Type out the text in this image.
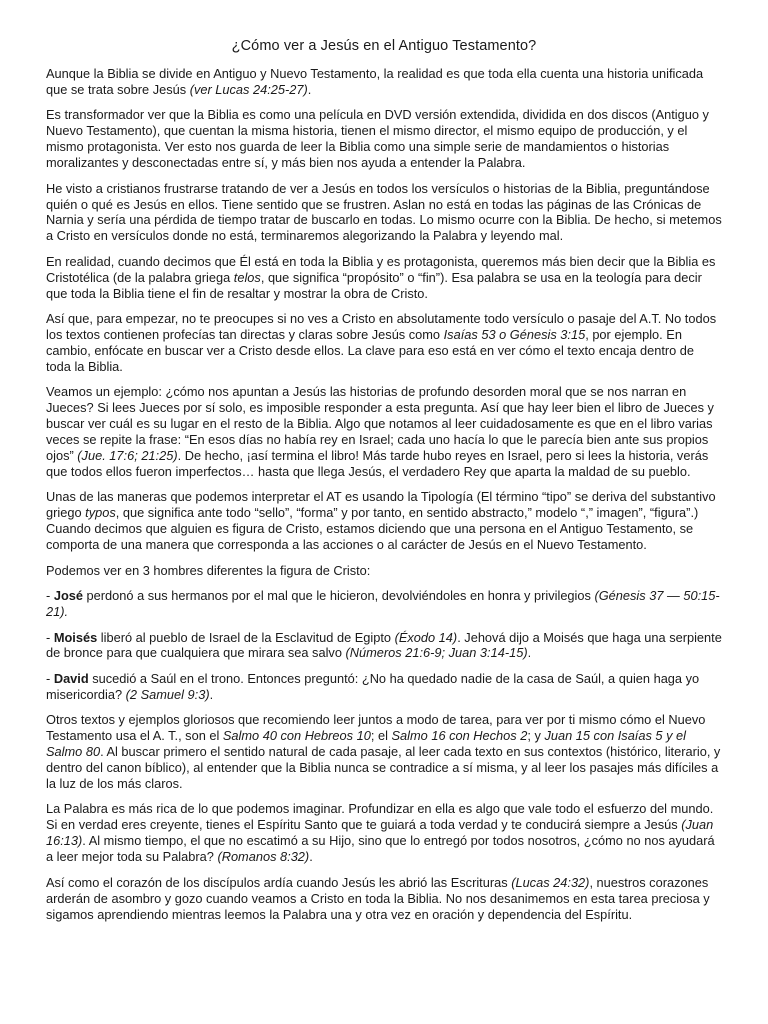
¿Cómo ver a Jesús en el Antiguo Testamento?

Aunque la Biblia se divide en Antiguo y Nuevo Testamento, la realidad es que toda ella cuenta una historia unificada que se trata sobre Jesús (ver Lucas 24:25-27).

Es transformador ver que la Biblia es como una película en DVD versión extendida, dividida en dos discos (Antiguo y Nuevo Testamento), que cuentan la misma historia, tienen el mismo director, el mismo equipo de producción, y el mismo protagonista. Ver esto nos guarda de leer la Biblia como una simple serie de mandamientos o historias moralizantes y desconectadas entre sí, y más bien nos ayuda a entender la Palabra.

He visto a cristianos frustrarse tratando de ver a Jesús en todos los versículos o historias de la Biblia, preguntándose quién o qué es Jesús en ellos. Tiene sentido que se frustren. Aslan no está en todas las páginas de las Crónicas de Narnia y sería una pérdida de tiempo tratar de buscarlo en todas. Lo mismo ocurre con la Biblia. De hecho, si metemos a Cristo en versículos donde no está, terminaremos alegorizando la Palabra y leyendo mal.

En realidad, cuando decimos que Él está en toda la Biblia y es protagonista, queremos más bien decir que la Biblia es Cristotélica (de la palabra griega telos, que significa “propósito” o “fin”). Esa palabra se usa en la teología para decir que toda la Biblia tiene el fin de resaltar y mostrar la obra de Cristo.

Así que, para empezar, no te preocupes si no ves a Cristo en absolutamente todo versículo o pasaje del A.T. No todos los textos contienen profecías tan directas y claras sobre Jesús como Isaías 53 o Génesis 3:15, por ejemplo. En cambio, enfócate en buscar ver a Cristo desde ellos. La clave para eso está en ver cómo el texto encaja dentro de toda la Biblia.

Veamos un ejemplo: ¿cómo nos apuntan a Jesús las historias de profundo desorden moral que se nos narran en Jueces? Si lees Jueces por sí solo, es imposible responder a esta pregunta. Así que hay leer bien el libro de Jueces y buscar ver cuál es su lugar en el resto de la Biblia. Algo que notamos al leer cuidadosamente es que en el libro varias veces se repite la frase: “En esos días no había rey en Israel; cada uno hacía lo que le parecía bien ante sus propios ojos” (Jue. 17:6; 21:25). De hecho, ¡así termina el libro! Más tarde hubo reyes en Israel, pero si lees la historia, verás que todos ellos fueron imperfectos… hasta que llega Jesús, el verdadero Rey que aparta la maldad de su pueblo.

Unas de las maneras que podemos interpretar el AT es usando la Tipología (El término “tipo” se deriva del substantivo griego typos, que significa ante todo “sello”, “forma” y por tanto, en sentido abstracto,” modelo “,” imagen”, “figura”.) Cuando decimos que alguien es figura de Cristo, estamos diciendo que una persona en el Antiguo Testamento, se comporta de una manera que corresponda a las acciones o al carácter de Jesús en el Nuevo Testamento.

Podemos ver en 3 hombres diferentes la figura de Cristo:

- José perdonó a sus hermanos por el mal que le hicieron, devolviéndoles en honra y privilegios (Génesis 37 — 50:15-21).

- Moisés liberó al pueblo de Israel de la Esclavitud de Egipto (Éxodo 14). Jehová dijo a Moisés que haga una serpiente de bronce para que cualquiera que mirara sea salvo (Números 21:6-9; Juan 3:14-15).

- David sucedió a Saúl en el trono. Entonces preguntó: ¿No ha quedado nadie de la casa de Saúl, a quien haga yo misericordia? (2 Samuel 9:3).

Otros textos y ejemplos gloriosos que recomiendo leer juntos a modo de tarea, para ver por ti mismo cómo el Nuevo Testamento usa el A. T., son el Salmo 40 con Hebreos 10; el Salmo 16 con Hechos 2; y Juan 15 con Isaías 5 y el Salmo 80. Al buscar primero el sentido natural de cada pasaje, al leer cada texto en sus contextos (histórico, literario, y dentro del canon bíblico), al entender que la Biblia nunca se contradice a sí misma, y al leer los pasajes más difíciles a la luz de los más claros.

La Palabra es más rica de lo que podemos imaginar. Profundizar en ella es algo que vale todo el esfuerzo del mundo. Si en verdad eres creyente, tienes el Espíritu Santo que te guiará a toda verdad y te conducirá siempre a Jesús (Juan 16:13). Al mismo tiempo, el que no escatimó a su Hijo, sino que lo entregó por todos nosotros, ¿cómo no nos ayudará a leer mejor toda su Palabra? (Romanos 8:32).

Así como el corazón de los discípulos ardía cuando Jesús les abrió las Escrituras (Lucas 24:32), nuestros corazones arderán de asombro y gozo cuando veamos a Cristo en toda la Biblia. No nos desanimemos en esta tarea preciosa y sigamos aprendiendo mientras leemos la Palabra una y otra vez en oración y dependencia del Espíritu.
